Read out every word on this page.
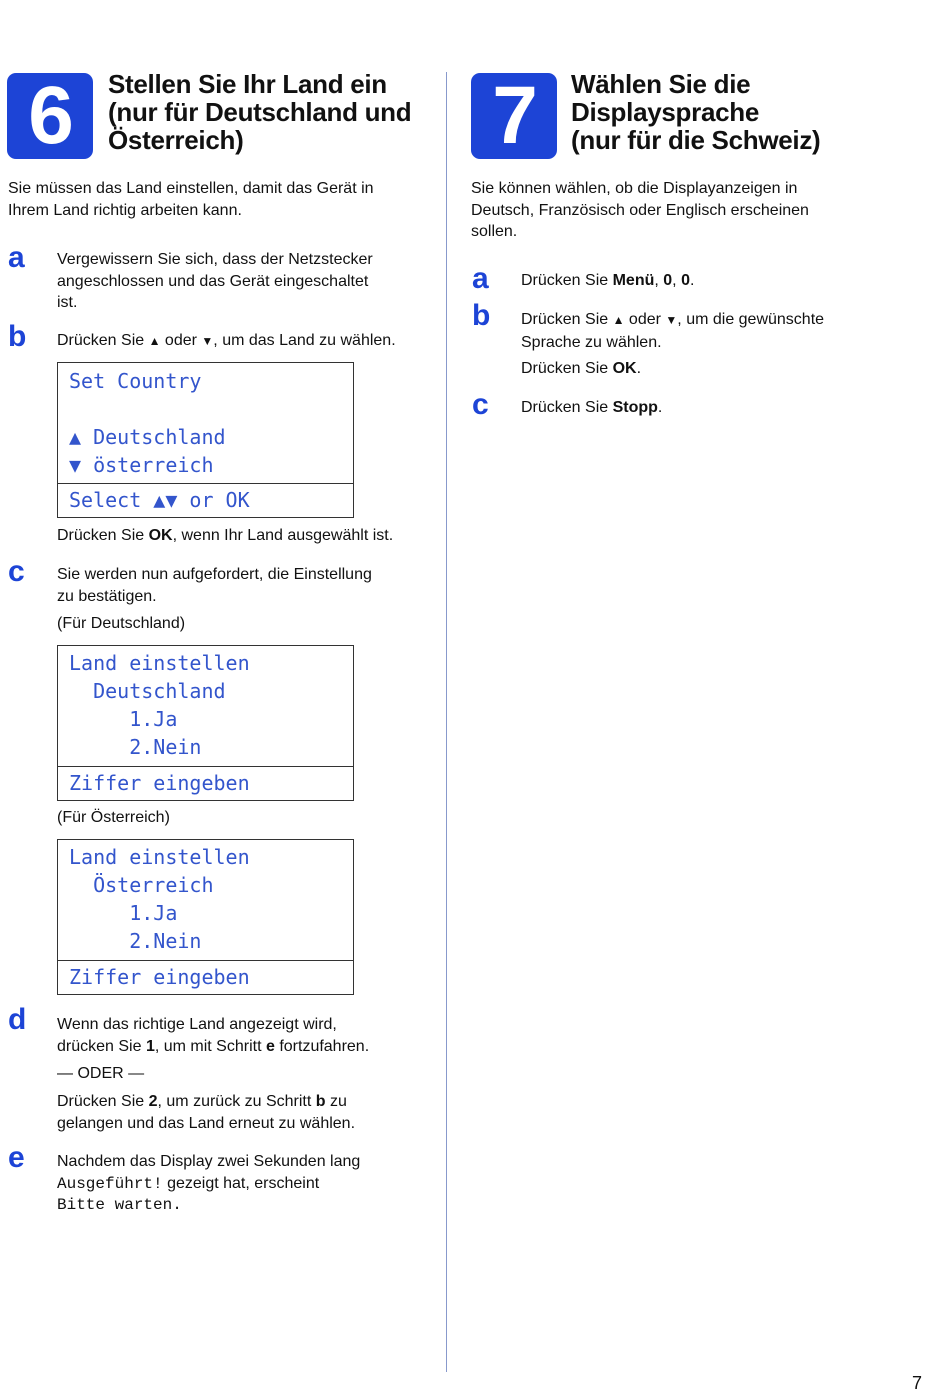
6	Stellen Sie Ihr Land ein
(nur für Deutschland und
Österreich)
Sie müssen das Land einstellen, damit das Gerät in
Ihrem Land richtig arbeiten kann.
a Vergewissern Sie sich, dass der Netzstecker
angeschlossen und das Gerät eingeschaltet
ist.
b Drücken Sie ▲ oder ▼, um das Land zu wählen.
Set Country
▲ Deutschland
▼ österreich
Select ▲▼ or OK
Drücken Sie OK, wenn Ihr Land ausgewählt ist.
c Sie werden nun aufgefordert, die Einstellung
zu bestätigen.
(Für Deutschland)
Land einstellen
Deutschland
1.Ja
2.Nein
Ziffer eingeben
(Für Österreich)
Land einstellen
Österreich
1.Ja
2.Nein
Ziffer eingeben
d Wenn das richtige Land angezeigt wird,
drücken Sie 1, um mit Schritt e fortzufahren.
— ODER —
Drücken Sie 2, um zurück zu Schritt b zu
gelangen und das Land erneut zu wählen.
e Nachdem das Display zwei Sekunden lang
Ausgeführt! gezeigt hat, erscheint
Bitte warten.
7	Wählen Sie die
Displaysprache
(nur für die Schweiz)
Sie können wählen, ob die Displayanzeigen in
Deutsch, Französisch oder Englisch erscheinen
sollen.
a Drücken Sie Menü, 0, 0.
b Drücken Sie ▲ oder ▼, um die gewünschte
Sprache zu wählen.
Drücken Sie OK.
c Drücken Sie Stopp.
7
